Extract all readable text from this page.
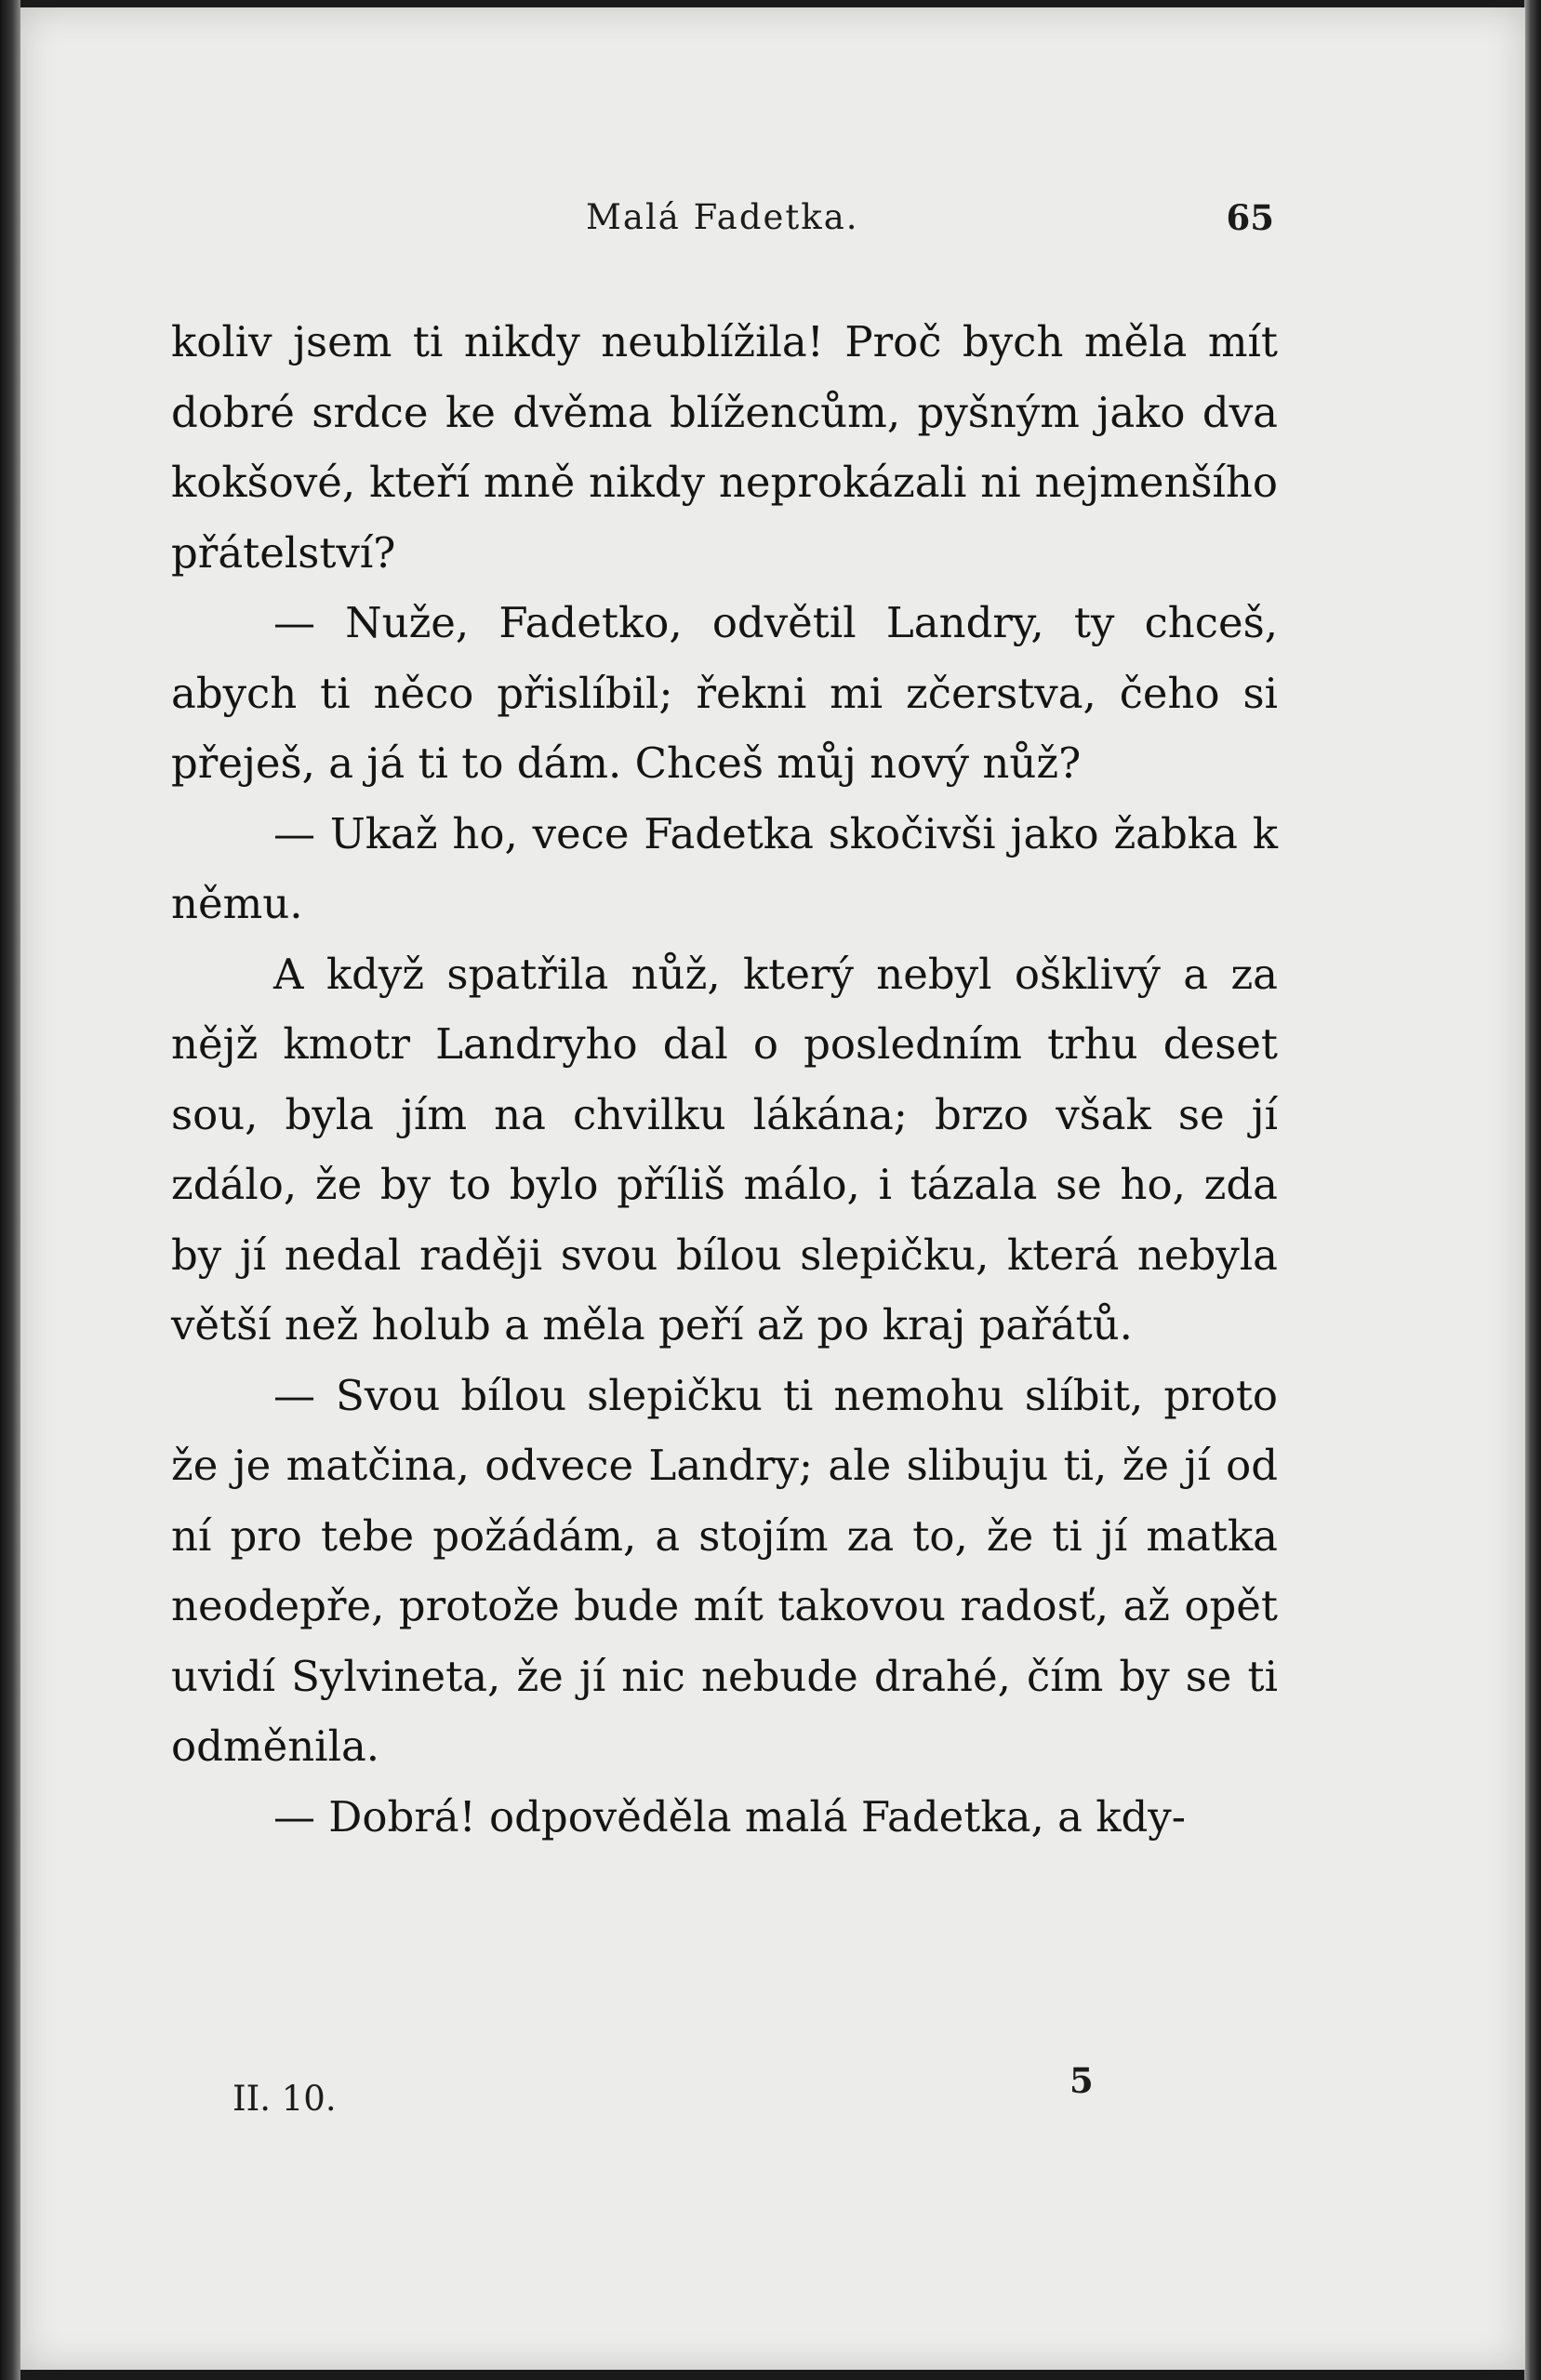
Malá Fadetka.	65

koliv jsem ti nikdy neublížila! Proč bych měla mít dobré srdce ke dvěma blížencům, pyšným jako dva kokšové, kteří mně nikdy neprokázali ni nejmenšího přátelství?

— Nuže, Fadetko, odvětil Landry, ty chceš, abych ti něco přislíbil; řekni mi zčerstva, čeho si přeješ, a já ti to dám. Chceš můj nový nůž?

— Ukaž ho, vece Fadetka skočivši jako žabka k němu.

A když spatřila nůž, který nebyl ošklivý a za nějž kmotr Landryho dal o posledním trhu deset sou, byla jím na chvilku lákána; brzo však se jí zdálo, že by to bylo příliš málo, i tázala se ho, zda by jí nedal raději svou bílou slepičku, která nebyla větší než holub a měla peří až po kraj pařátů.

— Svou bílou slepičku ti nemohu slíbit, proto že je matčina, odvece Landry; ale slibuju ti, že jí od ní pro tebe požádám, a stojím za to, že ti jí matka neodepře, protože bude mít takovou radosť, až opět uvidí Sylvineta, že jí nic nebude drahé, čím by se ti odměnila.

— Dobrá! odpověděla malá Fadetka, a kdy-

II. 10.	5
